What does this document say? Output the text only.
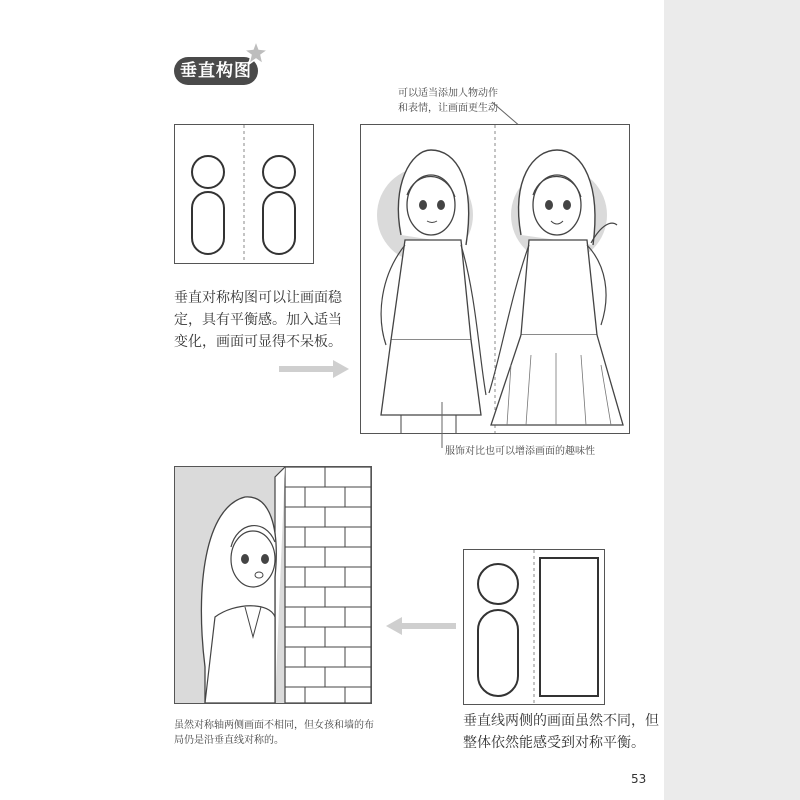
垂直构图
垂直对称构图可以让画面稳
定，具有平衡感。加入适当
变化，画面可显得不呆板。
可以适当添加人物动作
和表情，让画面更生动
服饰对比也可以增添画面的趣味性
虽然对称轴两侧画面不相同，但女孩和墙的布
局仍是沿垂直线对称的。
垂直线两侧的画面虽然不同，但
整体依然能感受到对称平衡。
53
